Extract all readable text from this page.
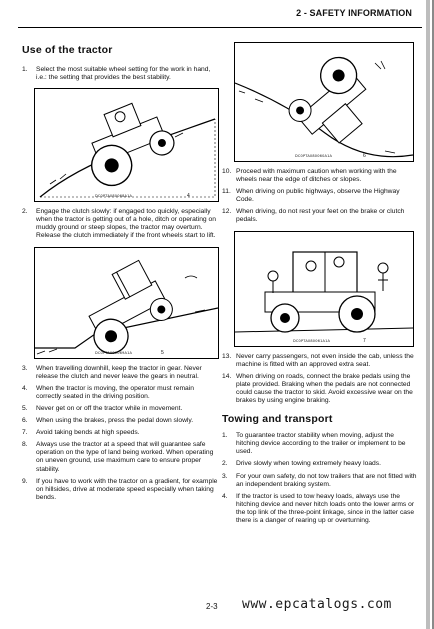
2 - SAFETY INFORMATION
Use of the tractor
1.	Select the most suitable wheel setting for the work in hand, i.e.: the setting that provides the best stability.
DC0PTA080068A1A	4
2.	Engage the clutch slowly: if engaged too quickly, especially when the tractor is getting out of a hole, ditch or operating on muddy ground or steep slopes, the tractor may overturn. Release the clutch immediately if the front wheels start to lift.
DC0PTA080069A1A	5
3.	When travelling downhill, keep the tractor in gear. Never release the clutch and never leave the gears in neutral.
4.	When the tractor is moving, the operator must remain correctly seated in the driving position.
5.	Never get on or off the tractor while in movement.
6.	When using the brakes, press the pedal down slowly.
7.	Avoid taking bends at high speeds.
8.	Always use the tractor at a speed that will guarantee safe operation on the type of land being worked. When operating on uneven ground, use maximum care to ensure proper stability.
9.	If you have to work with the tractor on a gradient, for example on hillsides, drive at moderate speed especially when taking bends.
DC0PTA080060A1A	6
10. Proceed with maximum caution when working with the wheels near the edge of ditches or slopes.
11. When driving on public highways, observe the Highway Code.
12. When driving, do not rest your feet on the brake or clutch pedals.
DC0PTA080061A1A	7
13. Never carry passengers, not even inside the cab, unless the machine is fitted with an approved extra seat.
14. When driving on roads, connect the brake pedals using the plate provided. Braking when the pedals are not connected could cause the tractor to skid. Avoid excessive wear on the brakes by using engine braking.
Towing and transport
1.	To guarantee tractor stability when moving, adjust the hitching device according to the trailer or implement to be used.
2.	Drive slowly when towing extremely heavy loads.
3.	For your own safety, do not tow trailers that are not fitted with an independent braking system.
4.	If the tractor is used to tow heavy loads, always use the hitching device and never hitch loads onto the lower arms or the top link of the three-point linkage, since in the latter case there is a danger of rearing up or overturning.
2-3 www.epcatalogs.com
